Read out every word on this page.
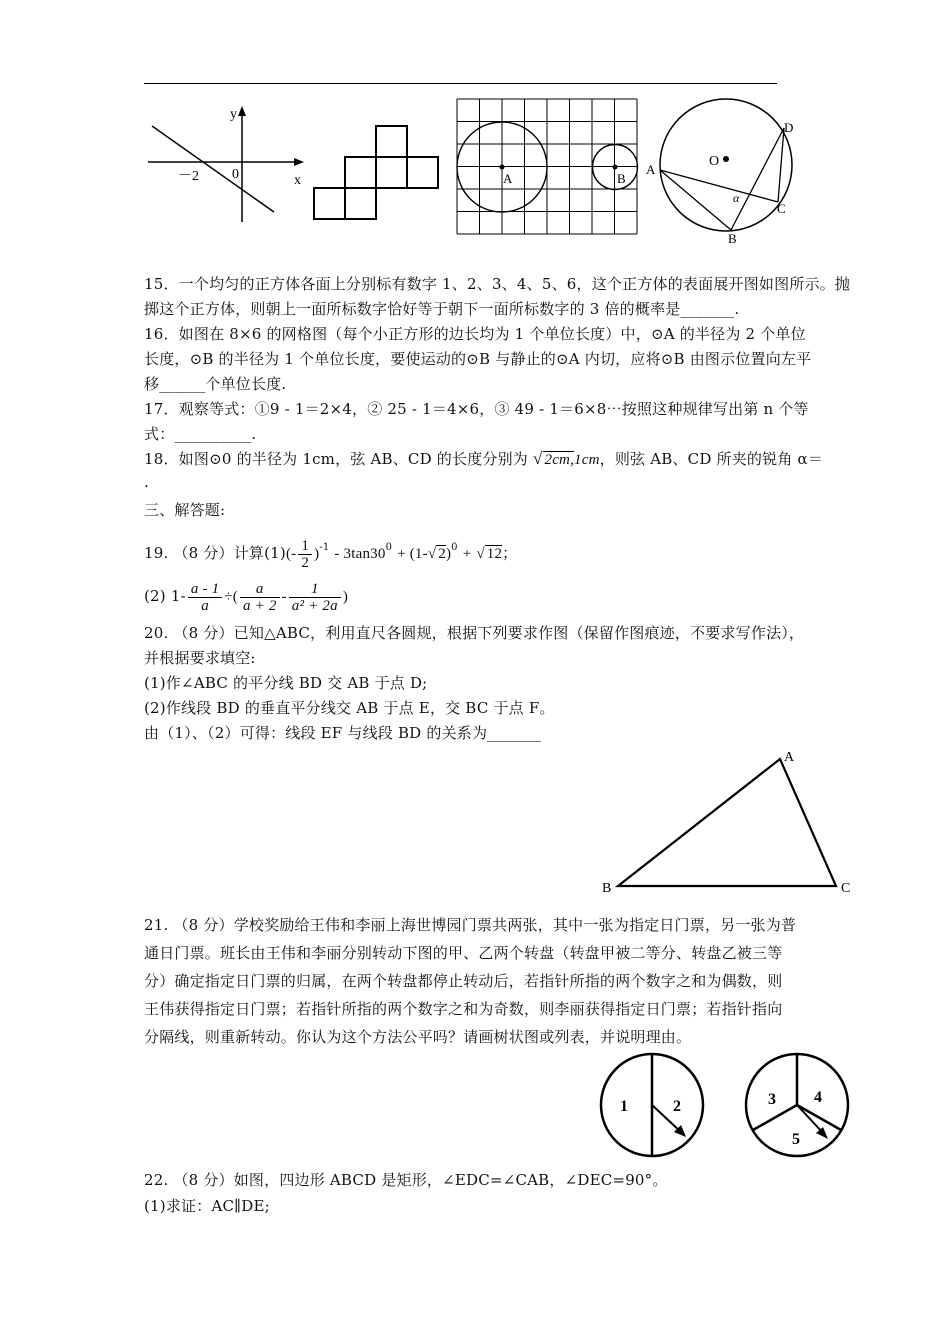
y
x
－2 0	A	B
O
A
B
C
D
α
15．一个均匀的正方体各面上分别标有数字 1、2、3、4、5、6，这个正方体的表面展开图如图所示。抛
掷这个正方体，则朝上一面所标数字恰好等于朝下一面所标数字的 3 倍的概率是_______.
16．如图在 8×6 的网格图（每个小正方形的边长均为 1 个单位长度）中，⊙A 的半径为 2 个单位
长度，⊙B 的半径为 1 个单位长度，要使运动的⊙B 与静止的⊙A 内切，应将⊙B 由图示位置向左平
移______个单位长度.
17．观察等式：①9 - 1＝2×4，② 25 - 1＝4×6，③ 49 - 1＝6×8⋯按照这种规律写出第 n 个等
式：__________.
18．如图⊙0 的半径为 1cm，弦 AB、CD 的长度分别为 √ 2cm,1cm，则弦 AB、CD 所夹的锐角 α＝
.
三、解答题:
19. （8 分）计算$(1)(- \frac{1}{2} )^{-1} - 3\tan 30^0 + (1-√$ 2)$^0$ + √ 12；
(2) $1- \frac{a - 1}{a}$ ÷( $\frac{a}{a + 2} - \frac{1}{\text{a² + 2a}}$ )
20. （8 分）已知△ABC，利用直尺各圆规，根据下列要求作图（保留作图痕迹，不要求写作法），
并根据要求填空:
(1)作∠ABC 的平分线 BD 交 AB 于点 D;
(2)作线段 BD 的垂直平分线交 AB 于点 E，交 BC 于点 F。
由（1）、（2）可得：线段 EF 与线段 BD 的关系为_______
A
B	C
21. （8 分）学校奖励给王伟和李丽上海世博园门票共两张，其中一张为指定日门票，另一张为普
通日门票。班长由王伟和李丽分别转动下图的甲、乙两个转盘（转盘甲被二等分、转盘乙被三等
分）确定指定日门票的归属，在两个转盘都停止转动后，若指针所指的两个数字之和为偶数，则
王伟获得指定日门票；若指针所指的两个数字之和为奇数，则李丽获得指定日门票；若指针指向
分隔线，则重新转动。你认为这个方法公平吗？请画树状图或列表，并说明理由。
1	2	3 4
5
22. （8 分）如图，四边形 ABCD 是矩形，∠EDC=∠CAB，∠DEC=90°。
(1)求证：AC∥DE;
